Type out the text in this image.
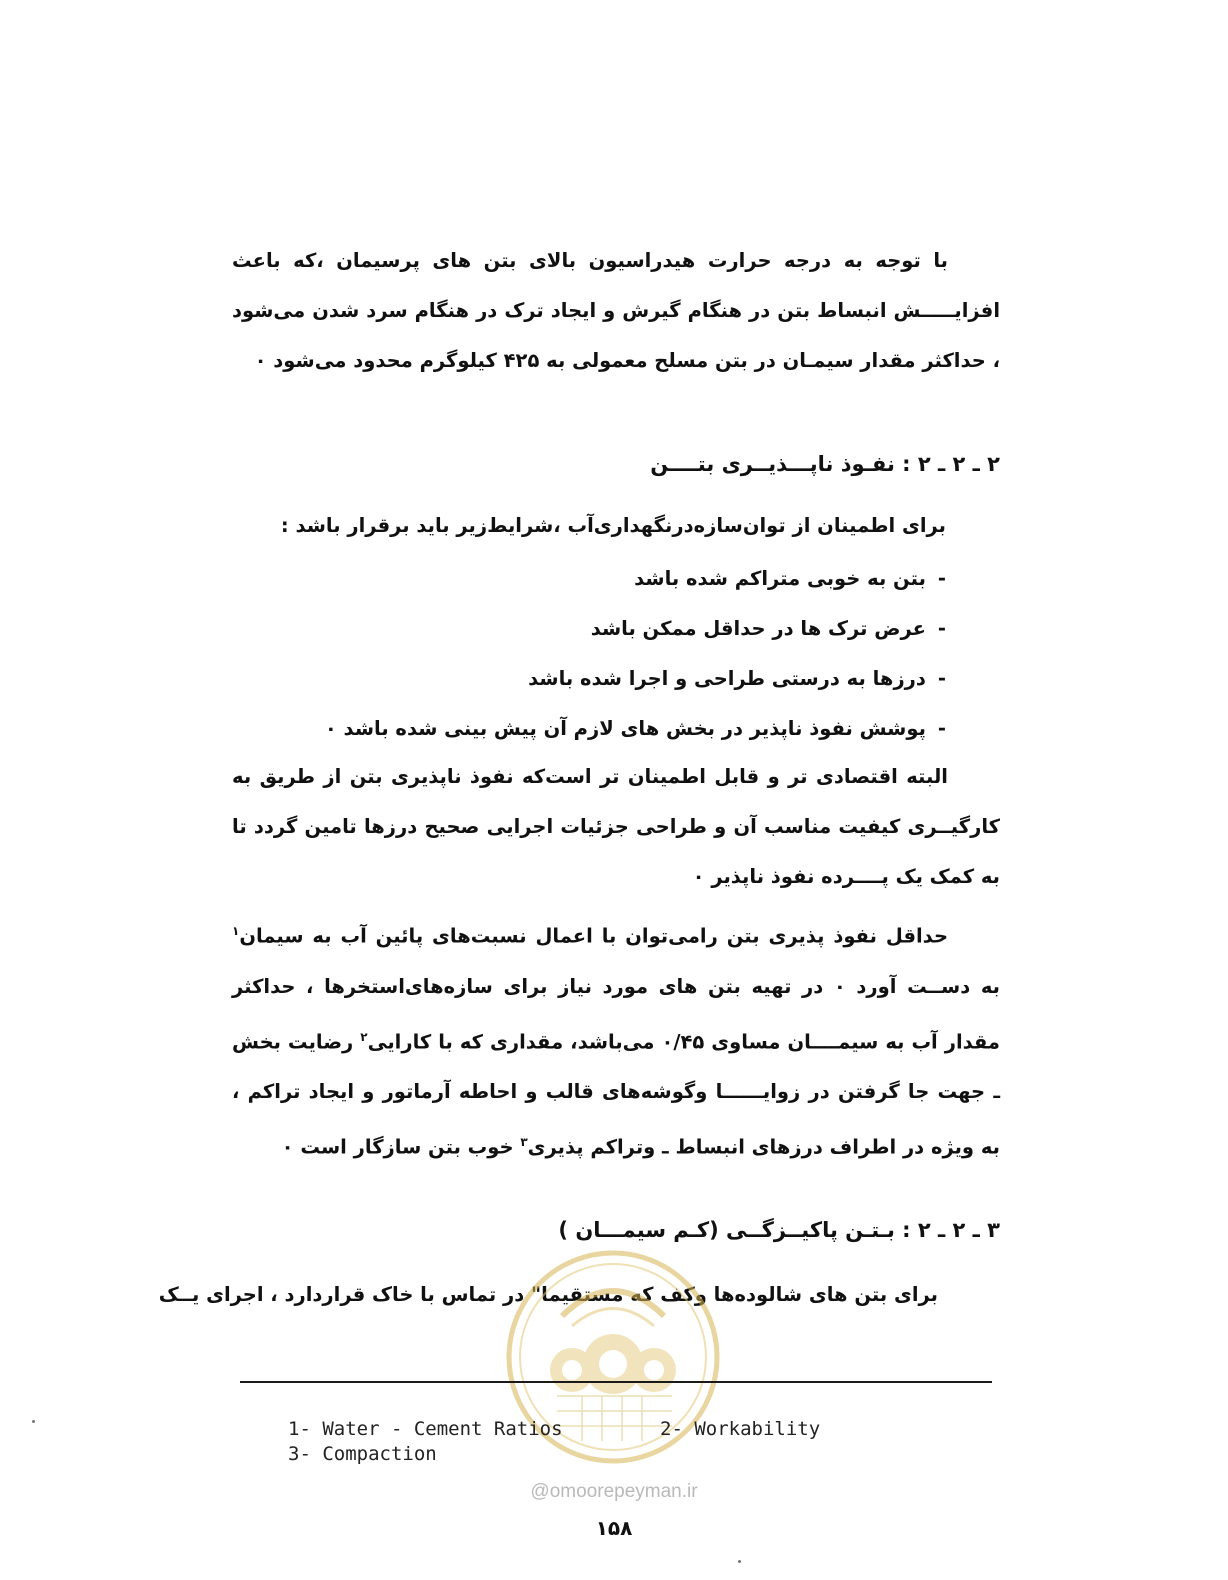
با توجه به درجه حرارت هیدراسیون بالای بتن های پرسیمان ،که باعث افزایـــــش انبساط بتن در هنگام گیرش و ایجاد ترک در هنگام سرد شدن می‌شود ، حداکثر مقدار سیمـان در بتن مسلح معمولی به ۴۲۵ کیلوگرم محدود می‌شود ۰
۲ ـ ۲ ـ ۲ : نفـوذ ناپـــذیــری بتــــن
برای اطمینان از توان‌سازه‌درنگهداری‌آب ،شرایط‌زیر باید برقرار باشد :
-بتن به خوبی متراکم شده باشد
-عرض ترک ها در حداقل ممکن باشد
-درزها به درستی طراحی و اجرا شده باشد
-پوشش نفوذ ناپذیر در بخش های لازم آن پیش بینی شده باشد ۰
البته اقتصادی تر و قابل اطمینان تر است‌که نفوذ ناپذیری بتن از طریق به کارگیــری کیفیت مناسب آن و طراحی جزئیات اجرایی صحیح درزها تامین گردد تا به کمک یک پــــرده نفوذ ناپذیر ۰
حداقل نفوذ پذیری بتن رامی‌توان با اعمال نسبت‌های پائین آب به سیمان$^۱$ به دســت آورد ۰ در تهیه بتن های مورد نیاز برای سازه‌های‌استخرها ، حداکثر مقدار آب به سیمــــان مساوی ۰/۴۵ می‌باشد، مقداری که با کارایی$^۲$ رضایت بخش ـ جهت جا گرفتن در زوایــــــا وگوشه‌های قالب و احاطه آرماتور و ایجاد تراکم ، به ویژه در اطراف درزهای انبساط ـ وتراکم پذیری$^۳$ خوب بتن سازگار است ۰
۳ ـ ۲ ـ ۲ : بـتـن پاکیــزگــی (کـم سیمـــان )
برای بتن های شالوده‌ها وکف که مستقیما" در تماس با خاک قراردارد ، اجرای یــک
1- Water - Cement Ratios	2- Workability
3- Compaction
@omoorepeyman.ir
۱۵۸
